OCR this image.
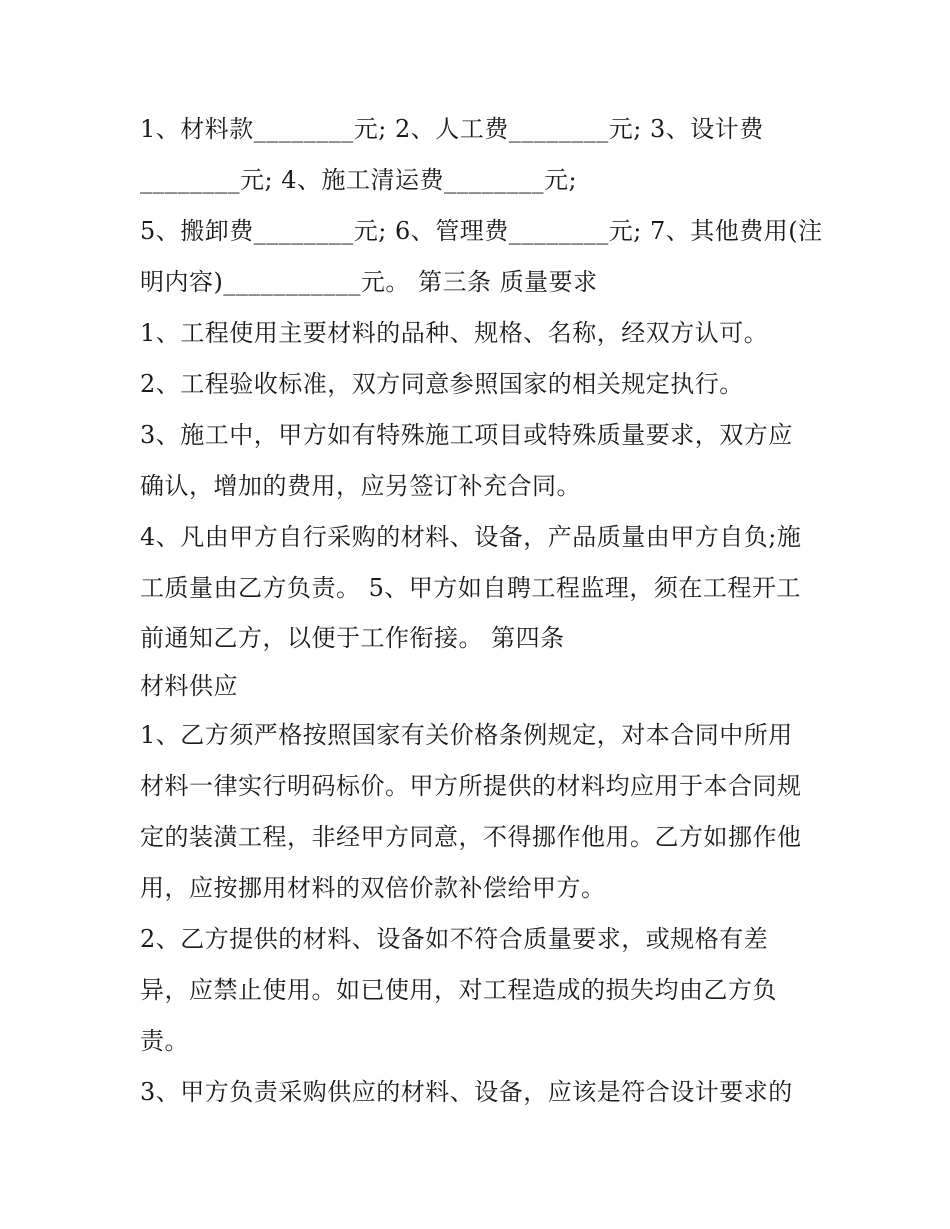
1、材料款________元; 2、人工费________元; 3、设计费
________元; 4、施工清运费________元;
5、搬卸费________元; 6、管理费________元; 7、其他费用(注
明内容)___________元。 第三条 质量要求
1、工程使用主要材料的品种、规格、名称，经双方认可。
2、工程验收标准，双方同意参照国家的相关规定执行。
3、施工中，甲方如有特殊施工项目或特殊质量要求，双方应
确认，增加的费用，应另签订补充合同。
4、凡由甲方自行采购的材料、设备，产品质量由甲方自负;施
工质量由乙方负责。 5、甲方如自聘工程监理，须在工程开工
前通知乙方，以便于工作衔接。 第四条
材料供应
1、乙方须严格按照国家有关价格条例规定，对本合同中所用
材料一律实行明码标价。甲方所提供的材料均应用于本合同规
定的装潢工程，非经甲方同意，不得挪作他用。乙方如挪作他
用，应按挪用材料的双倍价款补偿给甲方。
2、乙方提供的材料、设备如不符合质量要求，或规格有差
异，应禁止使用。如已使用，对工程造成的损失均由乙方负
责。
3、甲方负责采购供应的材料、设备，应该是符合设计要求的
